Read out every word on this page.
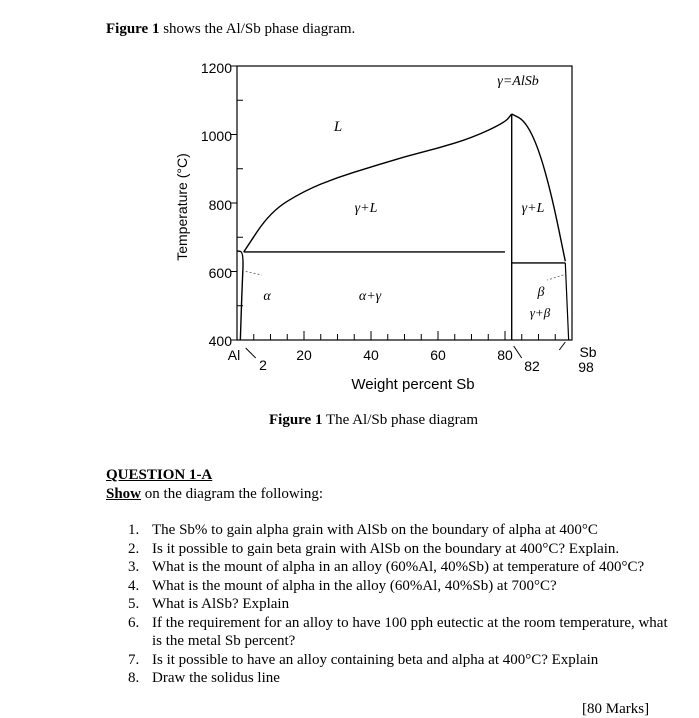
Figure 1 shows the Al/Sb phase diagram.
1200
1000
800
600
400
Temperature (°C)
Al
2
20	40	60	80
82
Sb
98
Weight percent Sb
γ=AlSb
L
γ+L	γ+L
α	α+γ	β
γ+β
Figure 1 The Al/Sb phase diagram
QUESTION 1-A
Show on the diagram the following:
1. The Sb% to gain alpha grain with AlSb on the boundary of alpha at 400°C
2. Is it possible to gain beta grain with AlSb on the boundary at 400°C? Explain.
3. What is the mount of alpha in an alloy (60%Al, 40%Sb) at temperature of 400°C?
4. What is the mount of alpha in the alloy (60%Al, 40%Sb) at 700°C?
5. What is AlSb? Explain
6. If the requirement for an alloy to have 100 pph eutectic at the room temperature, what is the metal Sb percent?
7. Is it possible to have an alloy containing beta and alpha at 400°C? Explain
8. Draw the solidus line
[80 Marks]
